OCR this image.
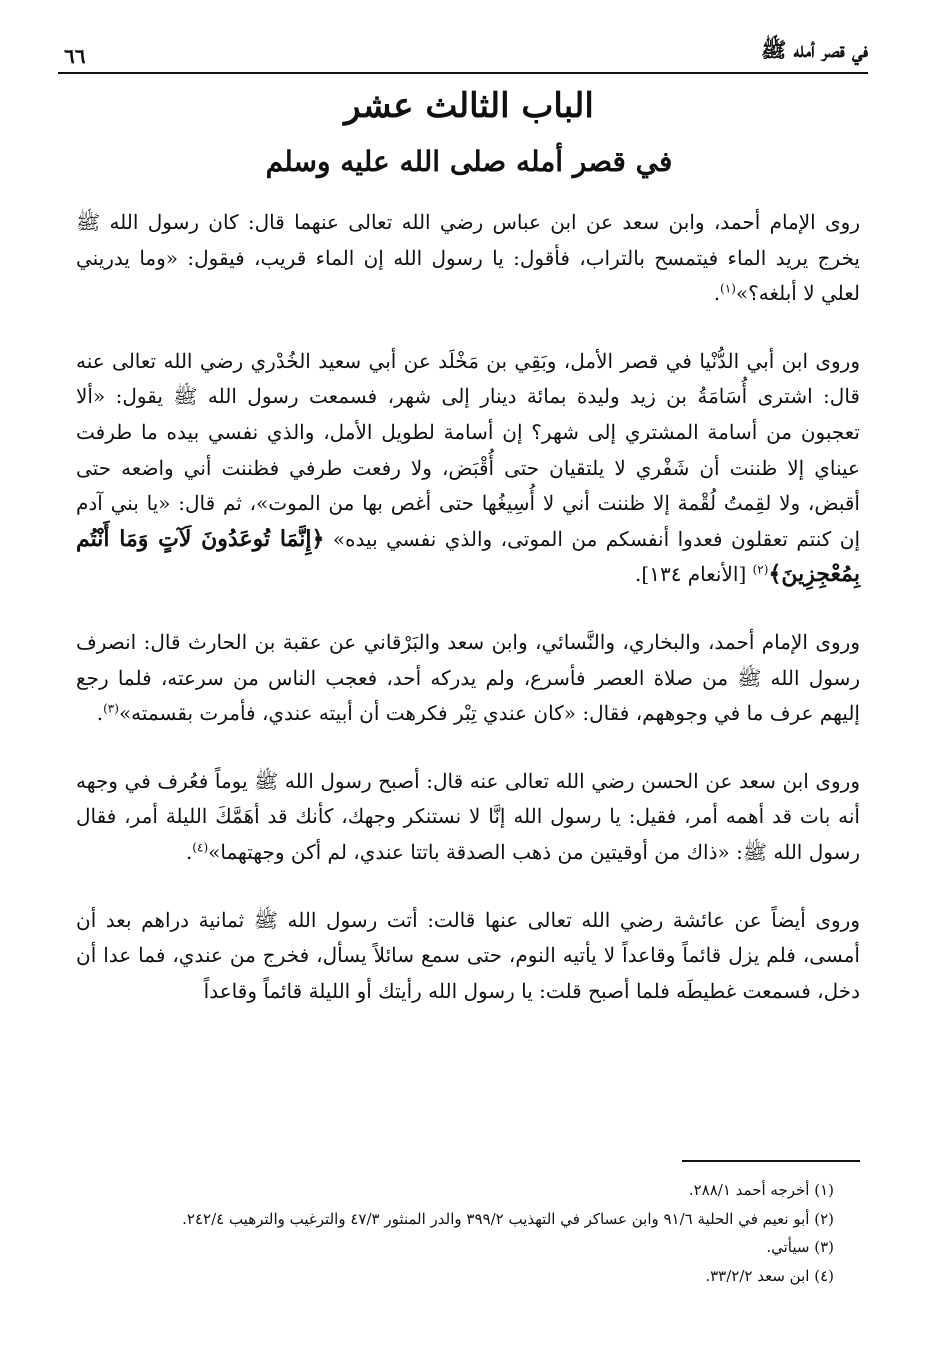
في قصر أمله ﷺ
٦٦
الباب الثالث عشر
في قصر أمله صلى الله عليه وسلم

روى الإمام أحمد، وابن سعد عن ابن عباس رضي الله تعالى عنهما قال: كان رسول الله ﷺ يخرج يريد الماء فيتمسح بالتراب، فأقول: يا رسول الله إن الماء قريب، فيقول: «وما يدريني لعلي لا أبلغه؟»$^{(١)}$.

وروى ابن أبي الدُّنْيا في قصر الأمل، وبَقِي بن مَخْلَد عن أبي سعيد الخُدْري رضي الله تعالى عنه قال: اشترى أُسَامَةُ بن زيد وليدة بمائة دينار إلى شهر، فسمعت رسول الله ﷺ يقول: «ألا تعجبون من أسامة المشتري إلى شهر؟ إن أسامة لطويل الأمل، والذي نفسي بيده ما طرفت عيناي إلا ظننت أن شَفْري لا يلتقيان حتى أُقْبَض، ولا رفعت طرفي فظننت أني واضعه حتى أقبض، ولا لقِمتُ لُقْمة إلا ظننت أني لا أُسِيغُها حتى أغص بها من الموت»، ثم قال: «يا بني آدم إن كنتم تعقلون فعدوا أنفسكم من الموتى، والذي نفسي بيده» ﴿إِنَّمَا تُوعَدُونَ لَآتٍ وَمَا أَنْتُم بِمُعْجِزِينَ﴾$^{(٢)}$ [الأنعام ١٣٤].

وروى الإمام أحمد، والبخاري، والنَّسائي، وابن سعد والبَرْقاني عن عقبة بن الحارث قال: انصرف رسول الله ﷺ من صلاة العصر فأسرع، ولم يدركه أحد، فعجب الناس من سرعته، فلما رجع إليهم عرف ما في وجوههم، فقال: «كان عندي تِبْر فكرهت أن أبيته عندي، فأمرت بقسمته»$^{(٣)}$.

وروى ابن سعد عن الحسن رضي الله تعالى عنه قال: أصبح رسول الله ﷺ يوماً فعُرف في وجهه أنه بات قد أهمه أمر، فقيل: يا رسول الله إنَّا لا نستنكر وجهك، كأنك قد أهَمَّكَ الليلة أمر، فقال رسول الله ﷺ: «ذاك من أوقيتين من ذهب الصدقة باتتا عندي، لم أكن وجهتهما»$^{(٤)}$.

وروى أيضاً عن عائشة رضي الله تعالى عنها قالت: أتت رسول الله ﷺ ثمانية دراهم بعد أن أمسى، فلم يزل قائماً وقاعداً لا يأتيه النوم، حتى سمع سائلاً يسأل، فخرج من عندي، فما عدا أن دخل، فسمعت غطيطَه فلما أصبح قلت: يا رسول الله رأيتك أو الليلة قائماً وقاعداً

(١) أخرجه أحمد ٢٨٨/١.

(٢) أبو نعيم في الحلية ٩١/٦ وابن عساكر في التهذيب ٣٩٩/٢ والدر المنثور ٤٧/٣ والترغيب والترهيب ٢٤٢/٤.

(٣) سيأتي.

(٤) ابن سعد ٣٣/٢/٢.
